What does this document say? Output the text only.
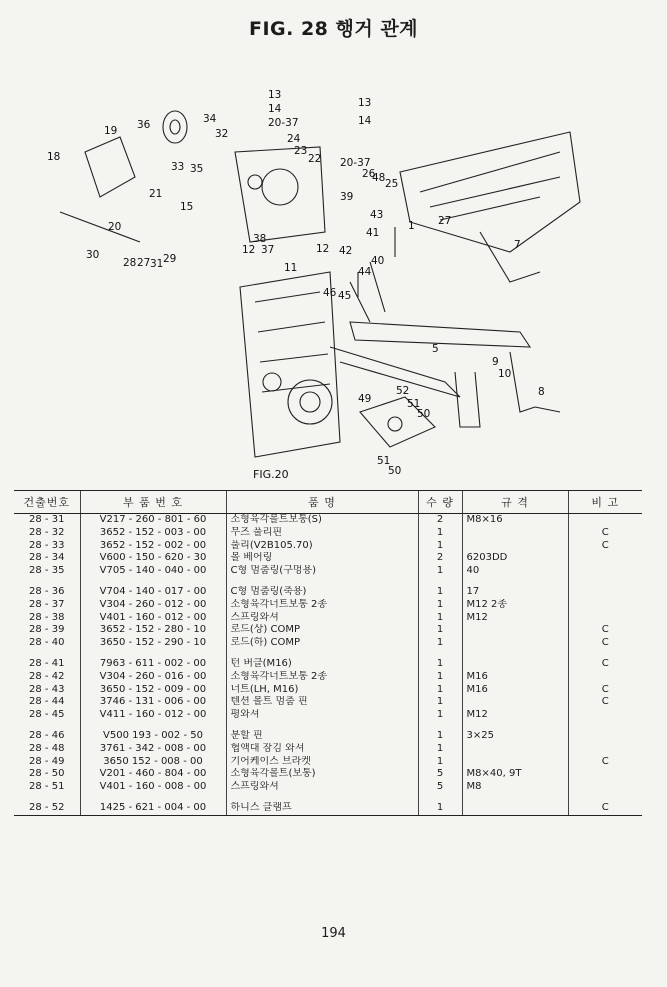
FIG. 28 행거 관계
13
14
20-37
13
14
36	34
19	32	24
23
22 20-37
18
33 35	26
48 25
21	39
43
15
41
20
38
37
12	12 42
40
30
28 27 31 29
44
11
27
1
7
46 45
5
9
10
8
49
52
51
50
51
50
FIG.20
건출번호	부 품 번 호	품 명	수 량	규 격	비 고
28 - 31	V217 - 260 - 801 - 60	소형육각볼트보통(S)	2	M8×16	
28 - 32	3652 - 152 - 003 - 00	무즈 풀리핀	1		C
28 - 33	3652 - 152 - 002 - 00	풀리(V2B105.70)	1		C
28 - 34	V600 - 150 - 620 - 30	볼 베어링	2	6203DD	
28 - 35	V705 - 140 - 040 - 00	C형 멈춤링(구멍용)	1	40	

28 - 36	V704 - 140 - 017 - 00	C형 멈춤링(축용)	1	17	
28 - 37	V304 - 260 - 012 - 00	소형육각너트보통 2종	1	M12 2종	
28 - 38	V401 - 160 - 012 - 00	스프링와셔	1	M12	
28 - 39	3652 - 152 - 280 - 10	로드(상) COMP	1		C
28 - 40	3650 - 152 - 290 - 10	로드(하) COMP	1		C

28 - 41	7963 - 611 - 002 - 00	턴 버클(M16)	1		C
28 - 42	V304 - 260 - 016 - 00	소형육각너트보통 2종	1	M16	
28 - 43	3650 - 152 - 009 - 00	너트(LH, M16)	1	M16	C
28 - 44	3746 - 131 - 006 - 00	텐션 볼트 멈춤 핀	1		C
28 - 45	V411 - 160 - 012 - 00	평와셔	1	M12	

28 - 46	V500 193 - 002 - 50	분할 핀	1	3×25	
28 - 48	3761 - 342 - 008 - 00	협액대 잠김 와셔	1		
28 - 49	3650 152 - 008 - 00	기어케이스 브라켓	1		C
28 - 50	V201 - 460 - 804 - 00	소형육각볼트(보통)	5	M8×40, 9T	
28 - 51	V401 - 160 - 008 - 00	스프링와셔	5	M8	

28 - 52	1425 - 621 - 004 - 00	하니스 클램프	1		C
194
